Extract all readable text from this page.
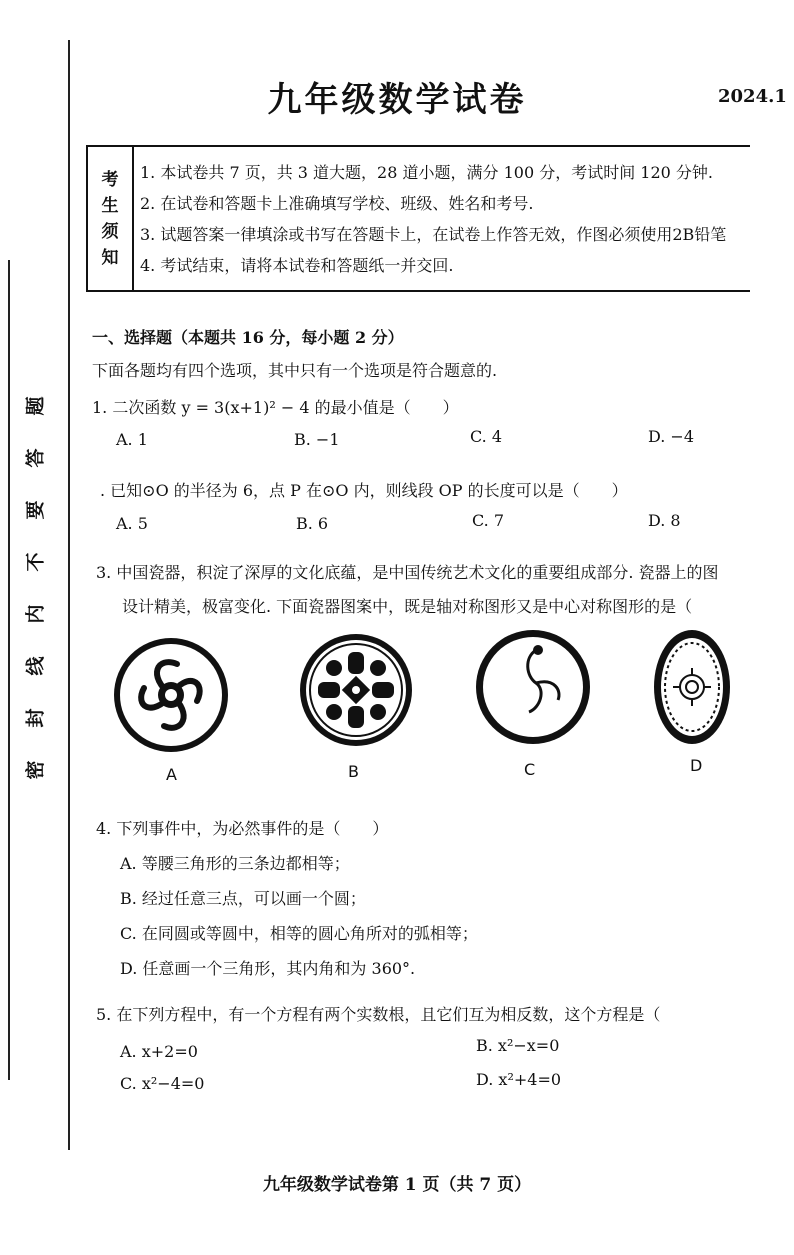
题
答
要
不
内
线
封
密
九年级数学试卷	2024.1
考
生
须
知
1. 本试卷共 7 页，共 3 道大题，28 道小题，满分 100 分，考试时间 120 分钟.
2. 在试卷和答题卡上准确填写学校、班级、姓名和考号.
3. 试题答案一律填涂或书写在答题卡上，在试卷上作答无效，作图必须使用2B铅笔
4. 考试结束，请将本试卷和答题纸一并交回.
一、选择题（本题共 16 分，每小题 2 分）
下面各题均有四个选项，其中只有一个选项是符合题意的.
1. 二次函数 y = 3(x+1)² − 4 的最小值是（　　）
A. 1	B. −1	C. 4	D. −4
. 已知⊙O 的半径为 6，点 P 在⊙O 内，则线段 OP 的长度可以是（　　）
A. 5	B. 6	C. 7	D. 8
3. 中国瓷器，积淀了深厚的文化底蕴，是中国传统艺术文化的重要组成部分. 瓷器上的图
设计精美，极富变化. 下面瓷器图案中，既是轴对称图形又是中心对称图形的是（
A	B	C	D
4. 下列事件中，为必然事件的是（　　）
A. 等腰三角形的三条边都相等；
B. 经过任意三点，可以画一个圆；
C. 在同圆或等圆中，相等的圆心角所对的弧相等；
D. 任意画一个三角形，其内角和为 360°.
5. 在下列方程中，有一个方程有两个实数根，且它们互为相反数，这个方程是（
A. x+2=0	B. x²−x=0
C. x²−4=0	D. x²+4=0
九年级数学试卷第 1 页（共 7 页）
